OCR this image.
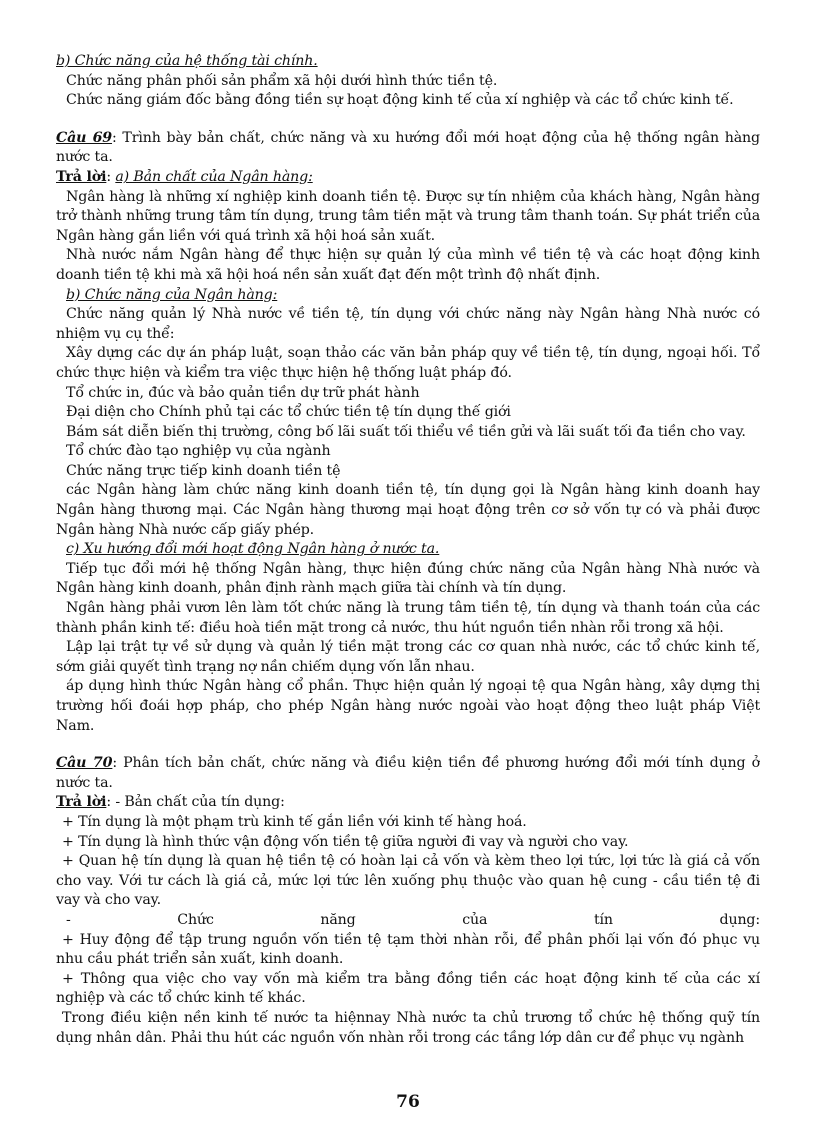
b) Chức năng của hệ thống tài chính.
Chức năng phân phối sản phẩm xã hội dưới hình thức tiền tệ.
Chức năng giám đốc bằng đồng tiền sự hoạt động kinh tế của xí nghiệp và các tổ chức kinh tế.
Câu 69: Trình bày bản chất, chức năng và xu hướng đổi mới hoạt động của hệ thống ngân hàng
nước ta.
Trả lời: a) Bản chất của Ngân hàng:
Ngân hàng là những xí nghiệp kinh doanh tiền tệ. Được sự tín nhiệm của khách hàng, Ngân hàng
trở thành những trung tâm tín dụng, trung tâm tiền mặt và trung tâm thanh toán. Sự phát triển của
Ngân hàng gắn liền với quá trình xã hội hoá sản xuất.
Nhà nước nắm Ngân hàng để thực hiện sự quản lý của mình về tiền tệ và các hoạt động kinh
doanh tiền tệ khi mà xã hội hoá nền sản xuất đạt đến một trình độ nhất định.
b) Chức năng của Ngân hàng:
Chức năng quản lý Nhà nước về tiền tệ, tín dụng với chức năng này Ngân hàng Nhà nước có
nhiệm vụ cụ thể:
Xây dựng các dự án pháp luật, soạn thảo các văn bản pháp quy về tiền tệ, tín dụng, ngoại hối. Tổ
chức thực hiện và kiểm tra việc thực hiện hệ thống luật pháp đó.
Tổ chức in, đúc và bảo quản tiền dự trữ phát hành
Đại diện cho Chính phủ tại các tổ chức tiền tệ tín dụng thế giới
Bám sát diễn biến thị trường, công bố lãi suất tối thiểu về tiền gửi và lãi suất tối đa tiền cho vay.
Tổ chức đào tạo nghiệp vụ của ngành
Chức năng trực tiếp kinh doanh tiền tệ
các Ngân hàng làm chức năng kinh doanh tiền tệ, tín dụng gọi là Ngân hàng kinh doanh hay
Ngân hàng thương mại. Các Ngân hàng thương mại hoạt động trên cơ sở vốn tự có và phải được
Ngân hàng Nhà nước cấp giấy phép.
c) Xu hướng đổi mới hoạt động Ngân hàng ở nước ta.
Tiếp tục đổi mới hệ thống Ngân hàng, thực hiện đúng chức năng của Ngân hàng Nhà nước và
Ngân hàng kinh doanh, phân định rành mạch giữa tài chính và tín dụng.
Ngân hàng phải vươn lên làm tốt chức năng là trung tâm tiền tệ, tín dụng và thanh toán của các
thành phần kinh tế: điều hoà tiền mặt trong cả nước, thu hút nguồn tiền nhàn rỗi trong xã hội.
Lập lại trật tự về sử dụng và quản lý tiền mặt trong các cơ quan nhà nước, các tổ chức kinh tế,
sớm giải quyết tình trạng nợ nần chiếm dụng vốn lẫn nhau.
áp dụng hình thức Ngân hàng cổ phần. Thực hiện quản lý ngoại tệ qua Ngân hàng, xây dựng thị
trường hối đoái hợp pháp, cho phép Ngân hàng nước ngoài vào hoạt động theo luật pháp Việt
Nam.
Câu 70: Phân tích bản chất, chức năng và điều kiện tiền đề phương hướng đổi mới tính dụng ở
nước ta.
Trả lời: - Bản chất của tín dụng:
+ Tín dụng là một phạm trù kinh tế gắn liền với kinh tế hàng hoá.
+ Tín dụng là hình thức vận động vốn tiền tệ giữa người đi vay và người cho vay.
+ Quan hệ tín dụng là quan hệ tiền tệ có hoàn lại cả vốn và kèm theo lợi tức, lợi tức là giá cả vốn
cho vay. Với tư cách là giá cả, mức lợi tức lên xuống phụ thuộc vào quan hệ cung - cầu tiền tệ đi
vay và cho vay.
- Chức năng của tín dụng:
+ Huy động để tập trung nguồn vốn tiền tệ tạm thời nhàn rỗi, để phân phối lại vốn đó phục vụ
nhu cầu phát triển sản xuất, kinh doanh.
+ Thông qua việc cho vay vốn mà kiểm tra bằng đồng tiền các hoạt động kinh tế của các xí
nghiệp và các tổ chức kinh tế khác.
Trong điều kiện nền kinh tế nước ta hiệnnay Nhà nước ta chủ trương tổ chức hệ thống quỹ tín
dụng nhân dân. Phải thu hút các nguồn vốn nhàn rỗi trong các tầng lớp dân cư để phục vụ ngành
76
